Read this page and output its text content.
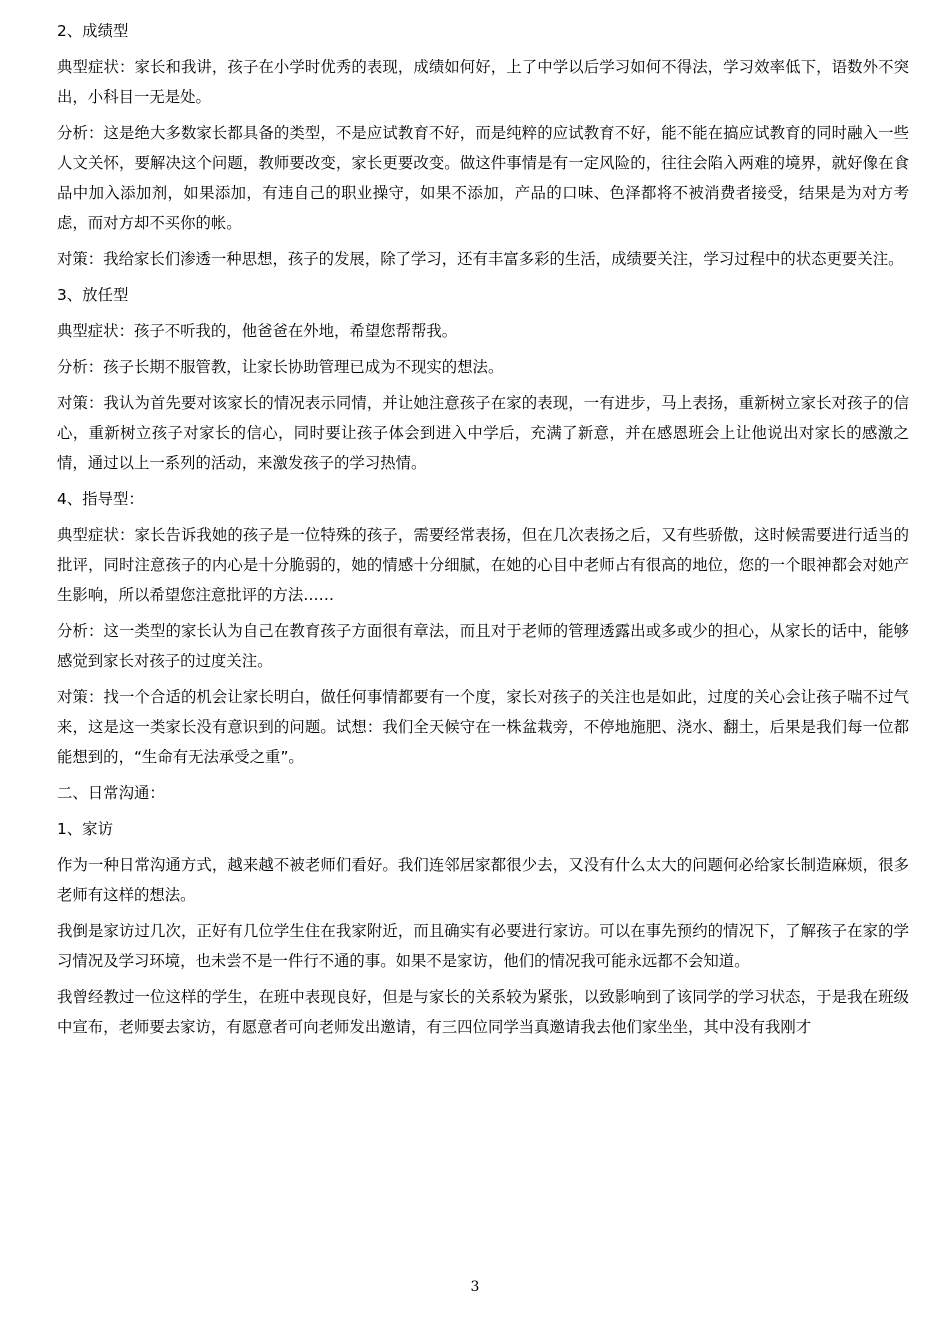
2、成绩型
典型症状：家长和我讲，孩子在小学时优秀的表现，成绩如何好，上了中学以后学习如何不得法，学习效率低下，语数外不突出，小科目一无是处。
分析：这是绝大多数家长都具备的类型，不是应试教育不好，而是纯粹的应试教育不好，能不能在搞应试教育的同时融入一些人文关怀，要解决这个问题，教师要改变，家长更要改变。做这件事情是有一定风险的，往往会陷入两难的境界，就好像在食品中加入添加剂，如果添加，有违自己的职业操守，如果不添加，产品的口味、色泽都将不被消费者接受，结果是为对方考虑，而对方却不买你的帐。
对策：我给家长们渗透一种思想，孩子的发展，除了学习，还有丰富多彩的生活，成绩要关注，学习过程中的状态更要关注。
3、放任型
典型症状：孩子不听我的，他爸爸在外地，希望您帮帮我。
分析：孩子长期不服管教，让家长协助管理已成为不现实的想法。
对策：我认为首先要对该家长的情况表示同情，并让她注意孩子在家的表现，一有进步，马上表扬，重新树立家长对孩子的信心，重新树立孩子对家长的信心，同时要让孩子体会到进入中学后，充满了新意，并在感恩班会上让他说出对家长的感激之情，通过以上一系列的活动，来激发孩子的学习热情。
4、指导型：
典型症状：家长告诉我她的孩子是一位特殊的孩子，需要经常表扬，但在几次表扬之后，又有些骄傲，这时候需要进行适当的批评，同时注意孩子的内心是十分脆弱的，她的情感十分细腻，在她的心目中老师占有很高的地位，您的一个眼神都会对她产生影响，所以希望您注意批评的方法……
分析：这一类型的家长认为自己在教育孩子方面很有章法，而且对于老师的管理透露出或多或少的担心，从家长的话中，能够感觉到家长对孩子的过度关注。
对策：找一个合适的机会让家长明白，做任何事情都要有一个度，家长对孩子的关注也是如此，过度的关心会让孩子喘不过气来，这是这一类家长没有意识到的问题。试想：我们全天候守在一株盆栽旁，不停地施肥、浇水、翻土，后果是我们每一位都能想到的，“生命有无法承受之重”。
二、日常沟通：
1、家访
作为一种日常沟通方式，越来越不被老师们看好。我们连邻居家都很少去，又没有什么太大的问题何必给家长制造麻烦，很多老师有这样的想法。
我倒是家访过几次，正好有几位学生住在我家附近，而且确实有必要进行家访。可以在事先预约的情况下，了解孩子在家的学习情况及学习环境，也未尝不是一件行不通的事。如果不是家访，他们的情况我可能永远都不会知道。
我曾经教过一位这样的学生，在班中表现良好，但是与家长的关系较为紧张，以致影响到了该同学的学习状态，于是我在班级中宣布，老师要去家访，有愿意者可向老师发出邀请，有三四位同学当真邀请我去他们家坐坐，其中没有我刚才
3
